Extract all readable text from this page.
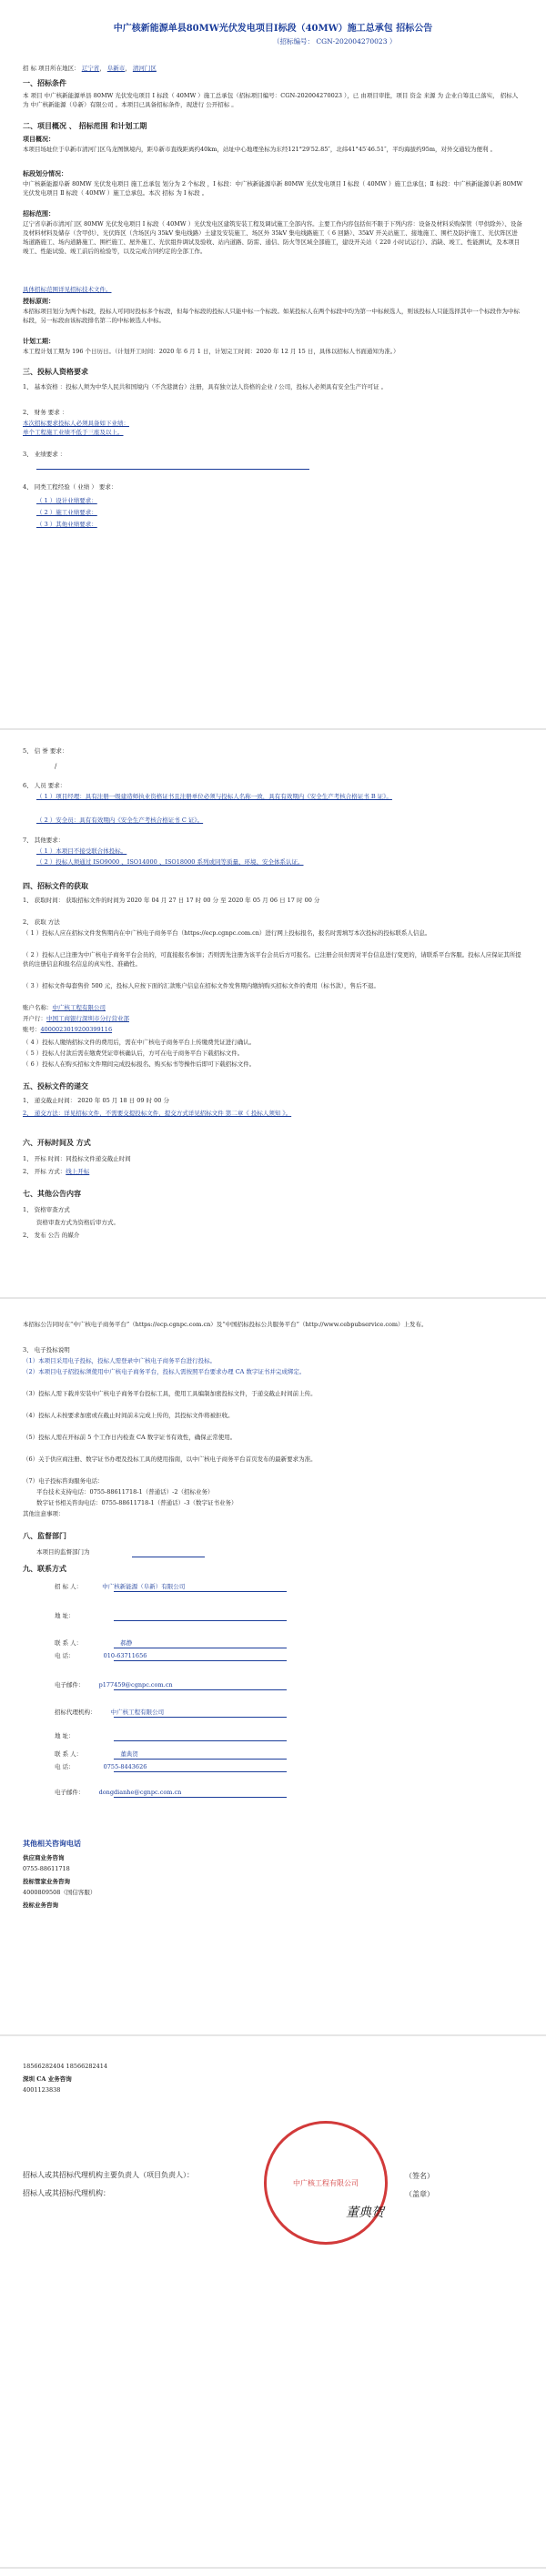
中广核新能源单县80MW光伏发电项目Ⅰ标段（40MW）施工总承包 招标公告
（招标编号： CGN-202004270023 ）
招 标 项目所在地区： 辽宁省， 阜新市， 清河门区
一、招标条件
本 项目 中广核新能源单县 80MW 光伏发电项目 Ⅰ 标段（ 40MW ）施工总承包（招标项目编号：CGN-202004270023 ），已 由项目审批，项目 资金 来源 为 企业自筹且已落实， 招标人为 中广核新能源（阜新）有限公司 。本项目已具备招标条件，现进行 公开招标 。
二、项目概况 、 招标范围 和计划工期
项目概况：
本项目场址位于阜新市清河门区乌龙图镇境内，距阜新市直线距离约40km，站址中心地理坐标为东经121°29′52.85″，北纬41°45′46.51″，平均海拔约95m，对外交通较为便利 。
标段划分情况：
中广核新能源阜新 80MW 光伏发电项目 施工总承包 划分为 2 个标段 ，Ⅰ 标段：中广核新能源阜新 80MW 光伏发电项目 Ⅰ 标段（ 40MW ）施工总承包；Ⅱ 标段：中广核新能源阜新 80MW 光伏发电项目 Ⅱ 标段（ 40MW ）施工总承包。本次 招标 为 Ⅰ 标段 。
招标范围：
辽宁省阜新市清河门区 80MW 光伏发电项目 Ⅰ 标段（ 40MW ）光伏发电区建筑安装工程及调试施工全部内容。主要工作内容包括但不限于下列内容：设备及材料采购保管（甲供除外）、设备及材料材料及储存（含甲供）、光伏阵区（含场区内 35kV 集电线路）土建及安装施工、场区外 35kV 集电线路施工（ 6 回路）、35kV 开关站施工、接地施工、围栏及防护施工、光伏阵区进场道路施工、场内道路施工、围栏施工、屋外施工、光伏组件调试及验收、站内道路、防雷、通信、防火等区域全部施工，建设开关站（ 220 小时试运行）、消缺、竣工、性能测试，及本项目竣工、性能试验、竣工前后的检验等，以及完成合同约定的全部工作。
具体招标范围详见招标技术文件。
授标原则：
本招标项目划分为两个标段，投标人可同时投标多个标段，但每个标段的投标人只能中标一个标段。如某投标人在两个标段中均为第一中标候选人，则该投标人只能选择其中一个标段作为中标标段，另一标段由该标段排名第二的中标候选人中标。
计划工期：
本工程计划工期为 196 个日历日。（计划开工时间：2020 年 6 月 1 日，计划完工时间：2020 年 12 月 15 日，具体以招标人书面通知为准。）
三、投标人资格要求
1、 基本资格 ：投标人须为中华人民共和国境内（不含港澳台）注册，具有独立法人资格的企业 / 公司，投标人必须具有安全生产许可证 。
2、 财务 要求 ：
本次招标要求投标人必须具备如下业绩：
单个工程施工业绩不低于三座及以上。
3、 业绩要求 ：
4、 同类工程经验（ 业绩 ） 要求：
（ 1 ）设计业绩要求：
（ 2 ）施工业绩要求：
（ 3 ）其他业绩要求：
5、 信 誉 要求：
/
6、 人员 要求：
（ 1 ）项目经理：具有注册一级建造师执业资格证书且注册单位必须与投标人名称一致，具有有效期内《安全生产考核合格证书 B 证》。
（ 2 ）安全员：具有有效期内《安全生产考核合格证书 C 证》。
7、 其他要求：
（ 1 ）本项目不接受联合体投标。
（ 2 ）投标人须通过 ISO9000 、ISO14000 、ISO18000 系列或同等质量、环境、安全体系认证。
四、招标文件的获取
1、 获取时间： 获取招标文件的时间为 2020 年 04 月 27 日 17 时 00 分 至 2020 年 05 月 06 日 17 时 00 分
2、 获取 方法
（ 1 ）投标人应在招标文件发售期内在中广核电子商务平台（https://ecp.cgnpc.com.cn）进行网上投标报名，报名时需填写本次投标的投标联系人信息。
（ 2 ）投标人已注册为中广核电子商务平台会员的，可直接报名参加；否则需先注册为该平台会员后方可报名。已注册会员但需对平台信息进行变更的，请联系平台客服。投标人应保证其所提供的注册信息和报名信息的真实性、准确性。
（ 3 ）招标文件每套售价 500 元，投标人应按下面的汇款账户信息在招标文件发售期内缴纳购买招标文件的费用（标书款），售后不退。
账户名称：中广核工程有限公司
开户行：中国工商银行深圳市分行营业部
账号：4000023019200399116
（ 4 ）投标人缴纳招标文件的费用后，需在中广核电子商务平台上传缴费凭证进行确认。
（ 5 ）投标人付款后需在缴费凭证审核确认后，方可在电子商务平台下载招标文件。
（ 6 ）投标人在购买招标文件期间完成投标报名、购买标书等操作后即可下载招标文件。
五、投标文件的递交
1、 递交截止时间： 2020 年 05 月 18 日 09 时 00 分
2、 递交方法：详见招标文件，不需要交提投标文件，提交方式详见招标文件 第二章《 投标人须知 》。
六、开标时间及 方式
1、 开标 时间：同投标文件递交截止时间
2、 开标 方式：线上开标
七、其他公告内容
1、 资格审查方式
资格审查方式为资格后审方式。
2、 发布 公告 的媒介
本招标公告同时在“中广核电子商务平台”（https://ecp.cgnpc.com.cn）及“中国招标投标公共服务平台”（http://www.cebpubservice.com）上发布。
3、 电子投标说明
（1）本项目采用电子投标，投标人需登录中广核电子商务平台进行投标。
（2）本项目电子招投标须使用中广核电子商务平台，投标人需按照平台要求办理 CA 数字证书并完成绑定。
（3）投标人需下载并安装中广核电子商务平台投标工具，使用工具编制加密投标文件，于递交截止时间前上传。
（4）投标人未按要求加密或在截止时间前未完成上传的，其投标文件将被拒收。
（5）投标人需在开标前 5 个工作日内检查 CA 数字证书有效性，确保正常使用。
（6）关于供应商注册、数字证书办理及投标工具的使用指南，以中广核电子商务平台首页发布的最新要求为准。
（7）电子投标咨询服务电话：
平台技术支持电话：0755-88611718-1（普通话）-2（招标业务）
数字证书相关咨询电话：0755-88611718-1（普通话）-3（数字证书业务）
其他注意事项：
八、监督部门
本项目的监督部门为
九、联系方式
招 标 人：	中广核新能源（阜新）有限公司
地 址：
联 系 人：	郝静
电 话：	010-63711656
电子邮件： p177459@cgnpc.com.cn
招标代理机构： 中广核工程有限公司
地 址：
联 系 人：	董典贺
电 话：	0755-8443626
电子邮件： dongdianhe@cgnpc.com.cn
其他相关咨询电话
供应商业务咨询
0755-88611718
投标管家业务咨询
4000809508（国信客服）
投标业务咨询
18566282404 18566282414
深圳 CA 业务咨询
4001123838
中广核工程有限公司
招标人或其招标代理机构主要负责人（项目负责人）：	（签名）
招标人或其招标代理机构：	（盖章）
董典贺
